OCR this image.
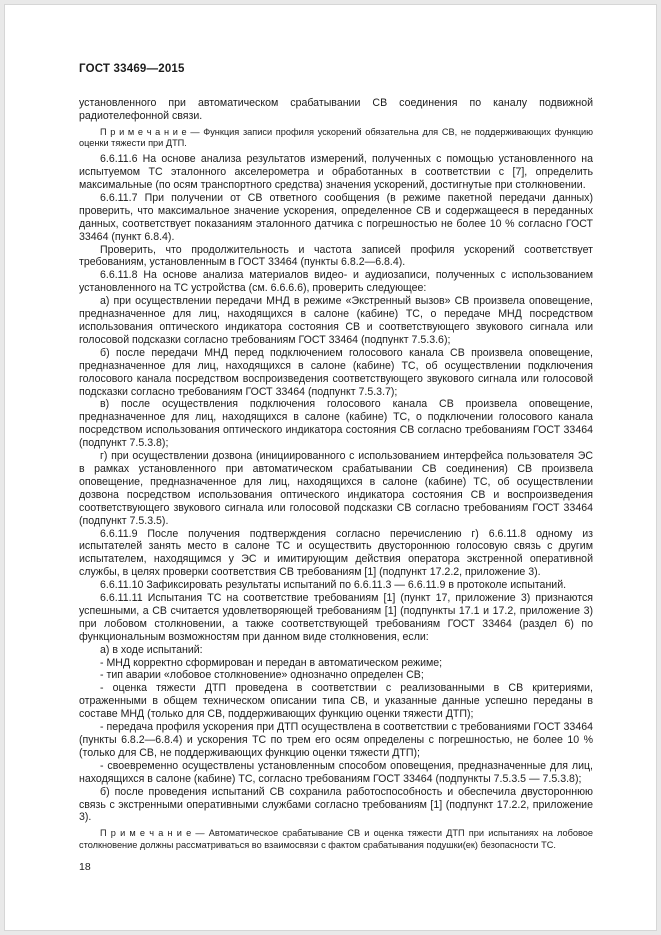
ГОСТ 33469—2015

установленного при автоматическом срабатывании СВ соединения по каналу подвижной радиотелефонной связи.

П р и м е ч а н и е — Функция записи профиля ускорений обязательна для СВ, не поддерживающих функцию оценки тяжести при ДТП.

6.6.11.6 На основе анализа результатов измерений, полученных с помощью установленного на испытуемом ТС эталонного акселерометра и обработанных в соответствии с [7], определить максимальные (по осям транспортного средства) значения ускорений, достигнутые при столкновении.

6.6.11.7 При получении от СВ ответного сообщения (в режиме пакетной передачи данных) проверить, что максимальное значение ускорения, определенное СВ и содержащееся в переданных данных, соответствует показаниям эталонного датчика с погрешностью не более 10 % согласно ГОСТ 33464 (пункт 6.8.4).

Проверить, что продолжительность и частота записей профиля ускорений соответствует требованиям, установленным в ГОСТ 33464 (пункты 6.8.2—6.8.4).

6.6.11.8 На основе анализа материалов видео- и аудиозаписи, полученных с использованием установленного на ТС устройства (см. 6.6.6.6), проверить следующее:

а) при осуществлении передачи МНД в режиме «Экстренный вызов» СВ произвела оповещение, предназначенное для лиц, находящихся в салоне (кабине) ТС, о передаче МНД посредством использования оптического индикатора состояния СВ и соответствующего звукового сигнала или голосовой подсказки согласно требованиям ГОСТ 33464 (подпункт 7.5.3.6);

б) после передачи МНД перед подключением голосового канала СВ произвела оповещение, предназначенное для лиц, находящихся в салоне (кабине) ТС, об осуществлении подключения голосового канала посредством воспроизведения соответствующего звукового сигнала или голосовой подсказки согласно требованиям ГОСТ 33464 (подпункт 7.5.3.7);

в) после осуществления подключения голосового канала СВ произвела оповещение, предназначенное для лиц, находящихся в салоне (кабине) ТС, о подключении голосового канала посредством использования оптического индикатора состояния СВ согласно требованиям ГОСТ 33464 (подпункт 7.5.3.8);

г) при осуществлении дозвона (инициированного с использованием интерфейса пользователя ЭС в рамках установленного при автоматическом срабатывании СВ соединения) СВ произвела оповещение, предназначенное для лиц, находящихся в салоне (кабине) ТС, об осуществлении дозвона посредством использования оптического индикатора состояния СВ и воспроизведения соответствующего звукового сигнала или голосовой подсказки СВ согласно требованиям ГОСТ 33464 (подпункт 7.5.3.5).

6.6.11.9 После получения подтверждения согласно перечислению г) 6.6.11.8 одному из испытателей занять место в салоне ТС и осуществить двустороннюю голосовую связь с другим испытателем, находящимся у ЭС и имитирующим действия оператора экстренной оперативной службы, в целях проверки соответствия СВ требованиям [1] (подпункт 17.2.2, приложение 3).

6.6.11.10 Зафиксировать результаты испытаний по 6.6.11.3 — 6.6.11.9 в протоколе испытаний.

6.6.11.11 Испытания ТС на соответствие требованиям [1] (пункт 17, приложение 3) признаются успешными, а СВ считается удовлетворяющей требованиям [1] (подпункты 17.1 и 17.2, приложение 3) при лобовом столкновении, а также соответствующей требованиям ГОСТ 33464 (раздел 6) по функциональным возможностям при данном виде столкновения, если:

а) в ходе испытаний:

- МНД корректно сформирован и передан в автоматическом режиме;

- тип аварии «лобовое столкновение» однозначно определен СВ;

- оценка тяжести ДТП проведена в соответствии с реализованными в СВ критериями, отраженными в общем техническом описании типа СВ, и указанные данные успешно переданы в составе МНД (только для СВ, поддерживающих функцию оценки тяжести ДТП);

- передача профиля ускорения при ДТП осуществлена в соответствии с требованиями ГОСТ 33464 (пункты 6.8.2—6.8.4) и ускорения ТС по трем его осям определены с погрешностью, не более 10 % (только для СВ, не поддерживающих функцию оценки тяжести ДТП);

- своевременно осуществлены установленным способом оповещения, предназначенные для лиц, находящихся в салоне (кабине) ТС, согласно требованиям ГОСТ 33464 (подпункты 7.5.3.5 — 7.5.3.8);

б) после проведения испытаний СВ сохранила работоспособность и обеспечила двустороннюю связь с экстренными оперативными службами согласно требованиям [1] (подпункт 17.2.2, приложение 3).

П р и м е ч а н и е — Автоматическое срабатывание СВ и оценка тяжести ДТП при испытаниях на лобовое столкновение должны рассматриваться во взаимосвязи с фактом срабатывания подушки(ек) безопасности ТС.

18
